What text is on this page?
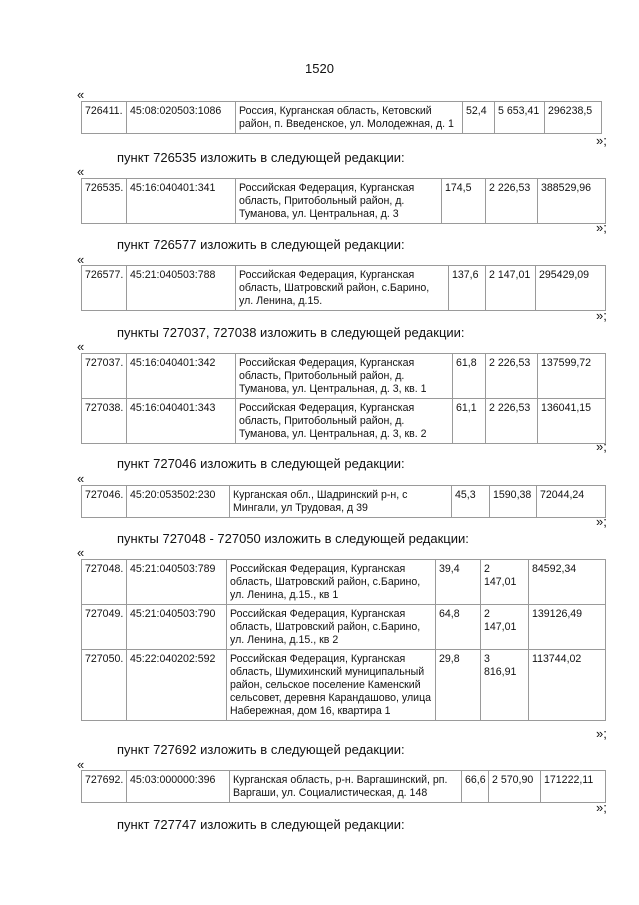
1520
«
726411.	45:08:020503:1086	Россия, Курганская область, Кетовский район, п. Введенское, ул. Молодежная, д. 1	52,4	5 653,41	296238,5
»;
пункт 726535 изложить в следующей редакции:
«
726535.	45:16:040401:341	Российская Федерация, Курганская область, Притобольный район, д. Туманова, ул. Центральная, д. 3	174,5	2 226,53	388529,96
»;
пункт 726577 изложить в следующей редакции:
«
726577.	45:21:040503:788	Российская Федерация, Курганская область, Шатровский район, с.Барино, ул. Ленина, д.15.	137,6	2 147,01	295429,09
»;
пункты 727037, 727038 изложить в следующей редакции:
«
727037.	45:16:040401:342	Российская Федерация, Курганская область, Притобольный район, д. Туманова, ул. Центральная, д. 3, кв. 1	61,8	2 226,53	137599,72
727038.	45:16:040401:343	Российская Федерация, Курганская область, Притобольный район, д. Туманова, ул. Центральная, д. 3, кв. 2	61,1	2 226,53	136041,15
»;
пункт 727046 изложить в следующей редакции:
«
727046.	45:20:053502:230	Курганская обл., Шадринский р-н, с Мингали, ул Трудовая, д 39	45,3	1590,38	72044,24
»;
пункты 727048 - 727050 изложить в следующей редакции:
«
727048.	45:21:040503:789	Российская Федерация, Курганская область, Шатровский район, с.Барино, ул. Ленина, д.15., кв 1	39,4	2 147,01	84592,34
727049.	45:21:040503:790	Российская Федерация, Курганская область, Шатровский район, с.Барино, ул. Ленина, д.15., кв 2	64,8	2 147,01	139126,49
727050.	45:22:040202:592	Российская Федерация, Курганская область, Шумихинский муниципальный район, сельское поселение Каменский сельсовет, деревня Карандашово, улица Набережная, дом 16, квартира 1	29,8	3 816,91	113744,02
»;
пункт 727692 изложить в следующей редакции:
«
727692.	45:03:000000:396	Курганская область, р-н. Варгашинский, рп. Варгаши, ул. Социалистическая, д. 148	66,6	2 570,90	171222,11
»;
пункт 727747 изложить в следующей редакции:
